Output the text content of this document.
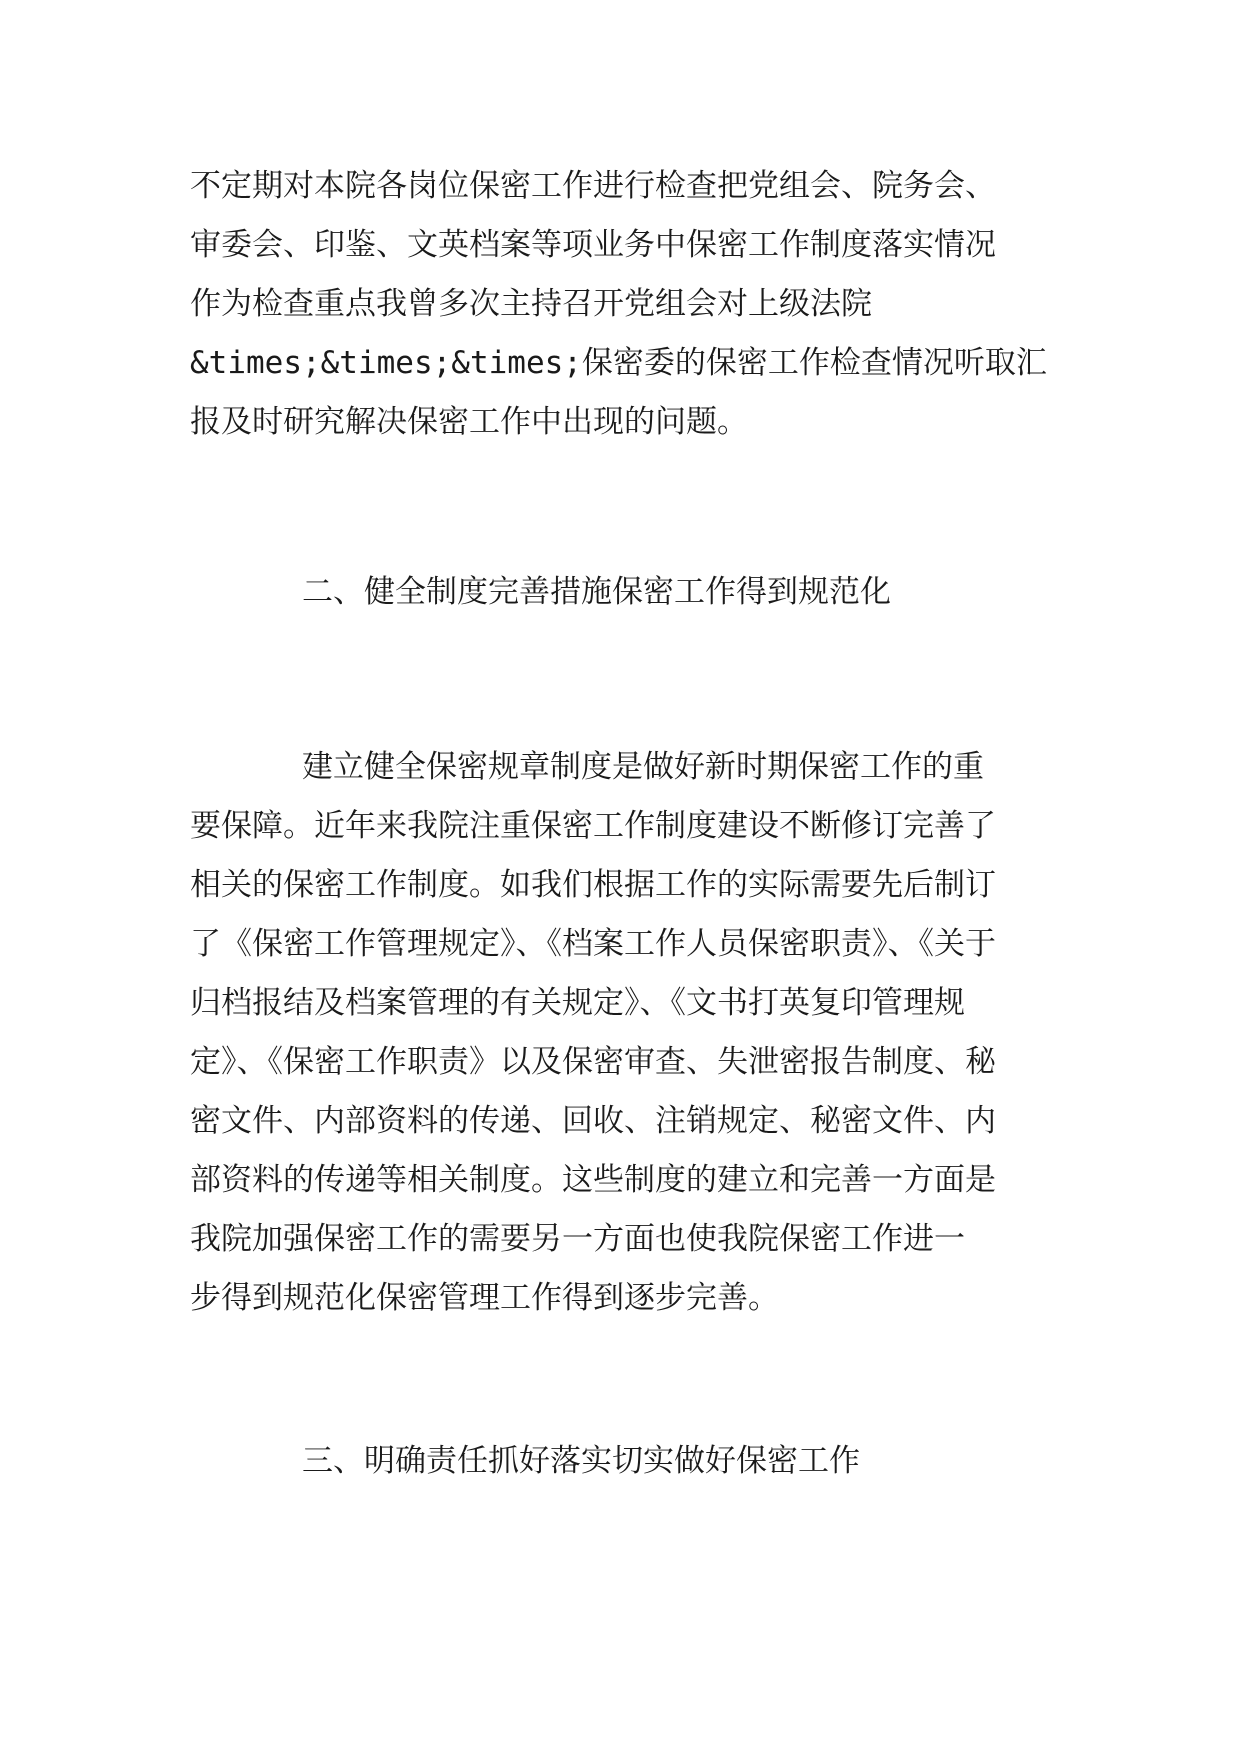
不定期对本院各岗位保密工作进行检查把党组会、院务会、
审委会、印鉴、文英档案等项业务中保密工作制度落实情况
作为检查重点我曾多次主持召开党组会对上级法院
&times;&times;&times;保密委的保密工作检查情况听取汇
报及时研究解决保密工作中出现的问题。
二、健全制度完善措施保密工作得到规范化
建立健全保密规章制度是做好新时期保密工作的重
要保障。近年来我院注重保密工作制度建设不断修订完善了
相关的保密工作制度。如我们根据工作的实际需要先后制订
了《保密工作管理规定》、《档案工作人员保密职责》、《关于
归档报结及档案管理的有关规定》、《文书打英复印管理规
定》、《保密工作职责》以及保密审查、失泄密报告制度、秘
密文件、内部资料的传递、回收、注销规定、秘密文件、内
部资料的传递等相关制度。这些制度的建立和完善一方面是
我院加强保密工作的需要另一方面也使我院保密工作进一
步得到规范化保密管理工作得到逐步完善。
三、明确责任抓好落实切实做好保密工作
